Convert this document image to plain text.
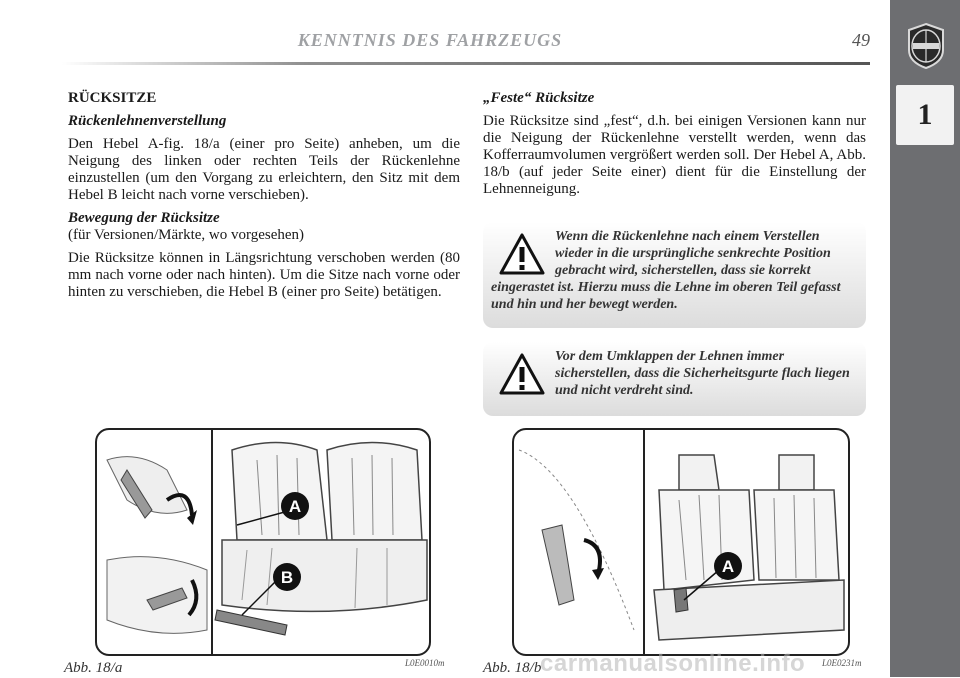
1
KENNTNIS DES FAHRZEUGS	49

RÜCKSITZE

Rückenlehnenverstellung

Den Hebel A-fig. 18/a (einer pro Seite) anheben, um die Neigung des linken oder rechten Teils der Rückenlehne einzustellen (um den Vorgang zu erleichtern, den Sitz mit dem Hebel B leicht nach vorne verschieben).

Bewegung der Rücksitze

(für Versionen/Märkte, wo vorgesehen)

Die Rücksitze können in Längsrichtung verschoben werden (80 mm nach vorne oder nach hinten). Um die Sitze nach vorne oder hinten zu verschieben, die Hebel B (einer pro Seite) betätigen.

„Feste“ Rücksitze

Die Rücksitze sind „fest“, d.h. bei einigen Versionen kann nur die Neigung der Rückenlehne verstellt werden, wenn das Kofferraumvolumen vergrößert werden soll. Der Hebel A, Abb. 18/b (auf jeder Seite einer) dient für die Einstellung der Lehnenneigung.

Wenn die Rückenlehne nach einem Verstellen wieder in die ursprüngliche senkrechte Position gebracht wird, sicherstellen, dass sie korrekt eingerastet ist. Hierzu muss die Lehne im oberen Teil gefasst und hin und her bewegt werden.
Vor dem Umklappen der Lehnen immer sicherstellen, dass die Sicherheitsgurte flach liegen und nicht verdreht sind.
A
B
Abb. 18/a	L0E0010m
A
Abb. 18/b	L0E0231m
carmanualsonline.info
